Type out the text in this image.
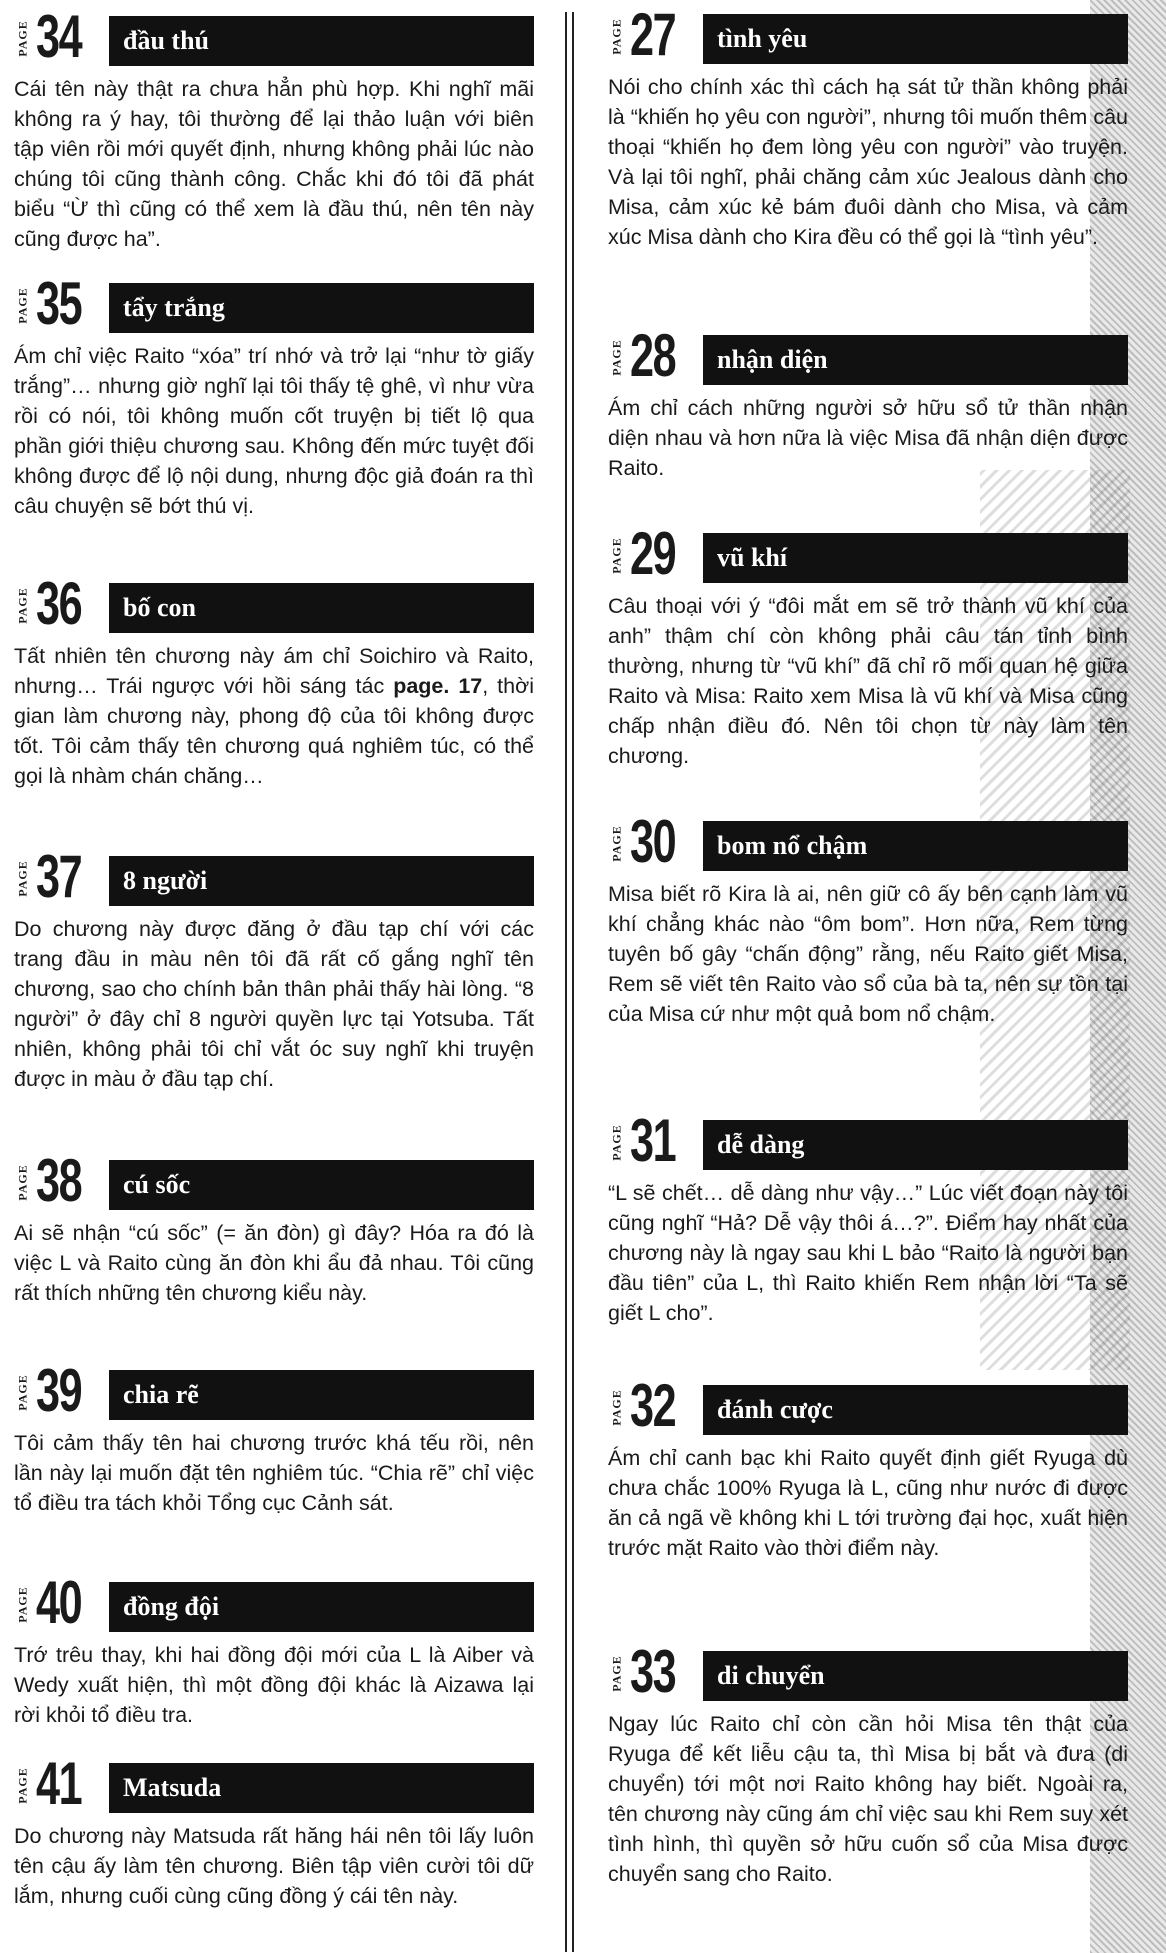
PAGE 34	đầu thú
Cái tên này thật ra chưa hẳn phù hợp. Khi nghĩ mãi không ra ý hay, tôi thường để lại thảo luận với biên tập viên rồi mới quyết định, nhưng không phải lúc nào chúng tôi cũng thành công. Chắc khi đó tôi đã phát biểu “Ừ thì cũng có thể xem là đầu thú, nên tên này cũng được ha”.
PAGE 35	tẩy trắng
Ám chỉ việc Raito “xóa” trí nhớ và trở lại “như tờ giấy trắng”… nhưng giờ nghĩ lại tôi thấy tệ ghê, vì như vừa rồi có nói, tôi không muốn cốt truyện bị tiết lộ qua phần giới thiệu chương sau. Không đến mức tuyệt đối không được để lộ nội dung, nhưng độc giả đoán ra thì câu chuyện sẽ bớt thú vị.
PAGE 36	bố con
Tất nhiên tên chương này ám chỉ Soichiro và Raito, nhưng… Trái ngược với hồi sáng tác page. 17, thời gian làm chương này, phong độ của tôi không được tốt. Tôi cảm thấy tên chương quá nghiêm túc, có thể gọi là nhàm chán chăng…
PAGE 37	8 người
Do chương này được đăng ở đầu tạp chí với các trang đầu in màu nên tôi đã rất cố gắng nghĩ tên chương, sao cho chính bản thân phải thấy hài lòng. “8 người” ở đây chỉ 8 người quyền lực tại Yotsuba. Tất nhiên, không phải tôi chỉ vắt óc suy nghĩ khi truyện được in màu ở đầu tạp chí.
PAGE 38	cú sốc
Ai sẽ nhận “cú sốc” (= ăn đòn) gì đây? Hóa ra đó là việc L và Raito cùng ăn đòn khi ẩu đả nhau. Tôi cũng rất thích những tên chương kiểu này.
PAGE 39	chia rẽ
Tôi cảm thấy tên hai chương trước khá tếu rồi, nên lần này lại muốn đặt tên nghiêm túc. “Chia rẽ” chỉ việc tổ điều tra tách khỏi Tổng cục Cảnh sát.
PAGE 40	đồng đội
Trớ trêu thay, khi hai đồng đội mới của L là Aiber và Wedy xuất hiện, thì một đồng đội khác là Aizawa lại rời khỏi tổ điều tra.
PAGE 41	Matsuda
Do chương này Matsuda rất hăng hái nên tôi lấy luôn tên cậu ấy làm tên chương. Biên tập viên cười tôi dữ lắm, nhưng cuối cùng cũng đồng ý cái tên này.
PAGE 27	tình yêu
Nói cho chính xác thì cách hạ sát tử thần không phải là “khiến họ yêu con người”, nhưng tôi muốn thêm câu thoại “khiến họ đem lòng yêu con người” vào truyện. Và lại tôi nghĩ, phải chăng cảm xúc Jealous dành cho Misa, cảm xúc kẻ bám đuôi dành cho Misa, và cảm xúc Misa dành cho Kira đều có thể gọi là “tình yêu”.
PAGE 28	nhận diện
Ám chỉ cách những người sở hữu sổ tử thần nhận diện nhau và hơn nữa là việc Misa đã nhận diện được Raito.
PAGE 29	vũ khí
Câu thoại với ý “đôi mắt em sẽ trở thành vũ khí của anh” thậm chí còn không phải câu tán tỉnh bình thường, nhưng từ “vũ khí” đã chỉ rõ mối quan hệ giữa Raito và Misa: Raito xem Misa là vũ khí và Misa cũng chấp nhận điều đó. Nên tôi chọn từ này làm tên chương.
PAGE 30	bom nổ chậm
Misa biết rõ Kira là ai, nên giữ cô ấy bên cạnh làm vũ khí chẳng khác nào “ôm bom”. Hơn nữa, Rem từng tuyên bố gây “chấn động” rằng, nếu Raito giết Misa, Rem sẽ viết tên Raito vào sổ của bà ta, nên sự tồn tại của Misa cứ như một quả bom nổ chậm.
PAGE 31	dễ dàng
“L sẽ chết… dễ dàng như vậy…” Lúc viết đoạn này tôi cũng nghĩ “Hả? Dễ vậy thôi á…?”. Điểm hay nhất của chương này là ngay sau khi L bảo “Raito là người bạn đầu tiên” của L, thì Raito khiến Rem nhận lời “Ta sẽ giết L cho”.
PAGE 32	đánh cược
Ám chỉ canh bạc khi Raito quyết định giết Ryuga dù chưa chắc 100% Ryuga là L, cũng như nước đi được ăn cả ngã về không khi L tới trường đại học, xuất hiện trước mặt Raito vào thời điểm này.
PAGE 33	di chuyển
Ngay lúc Raito chỉ còn cần hỏi Misa tên thật của Ryuga để kết liễu cậu ta, thì Misa bị bắt và đưa (di chuyển) tới một nơi Raito không hay biết. Ngoài ra, tên chương này cũng ám chỉ việc sau khi Rem suy xét tình hình, thì quyền sở hữu cuốn sổ của Misa được chuyển sang cho Raito.
